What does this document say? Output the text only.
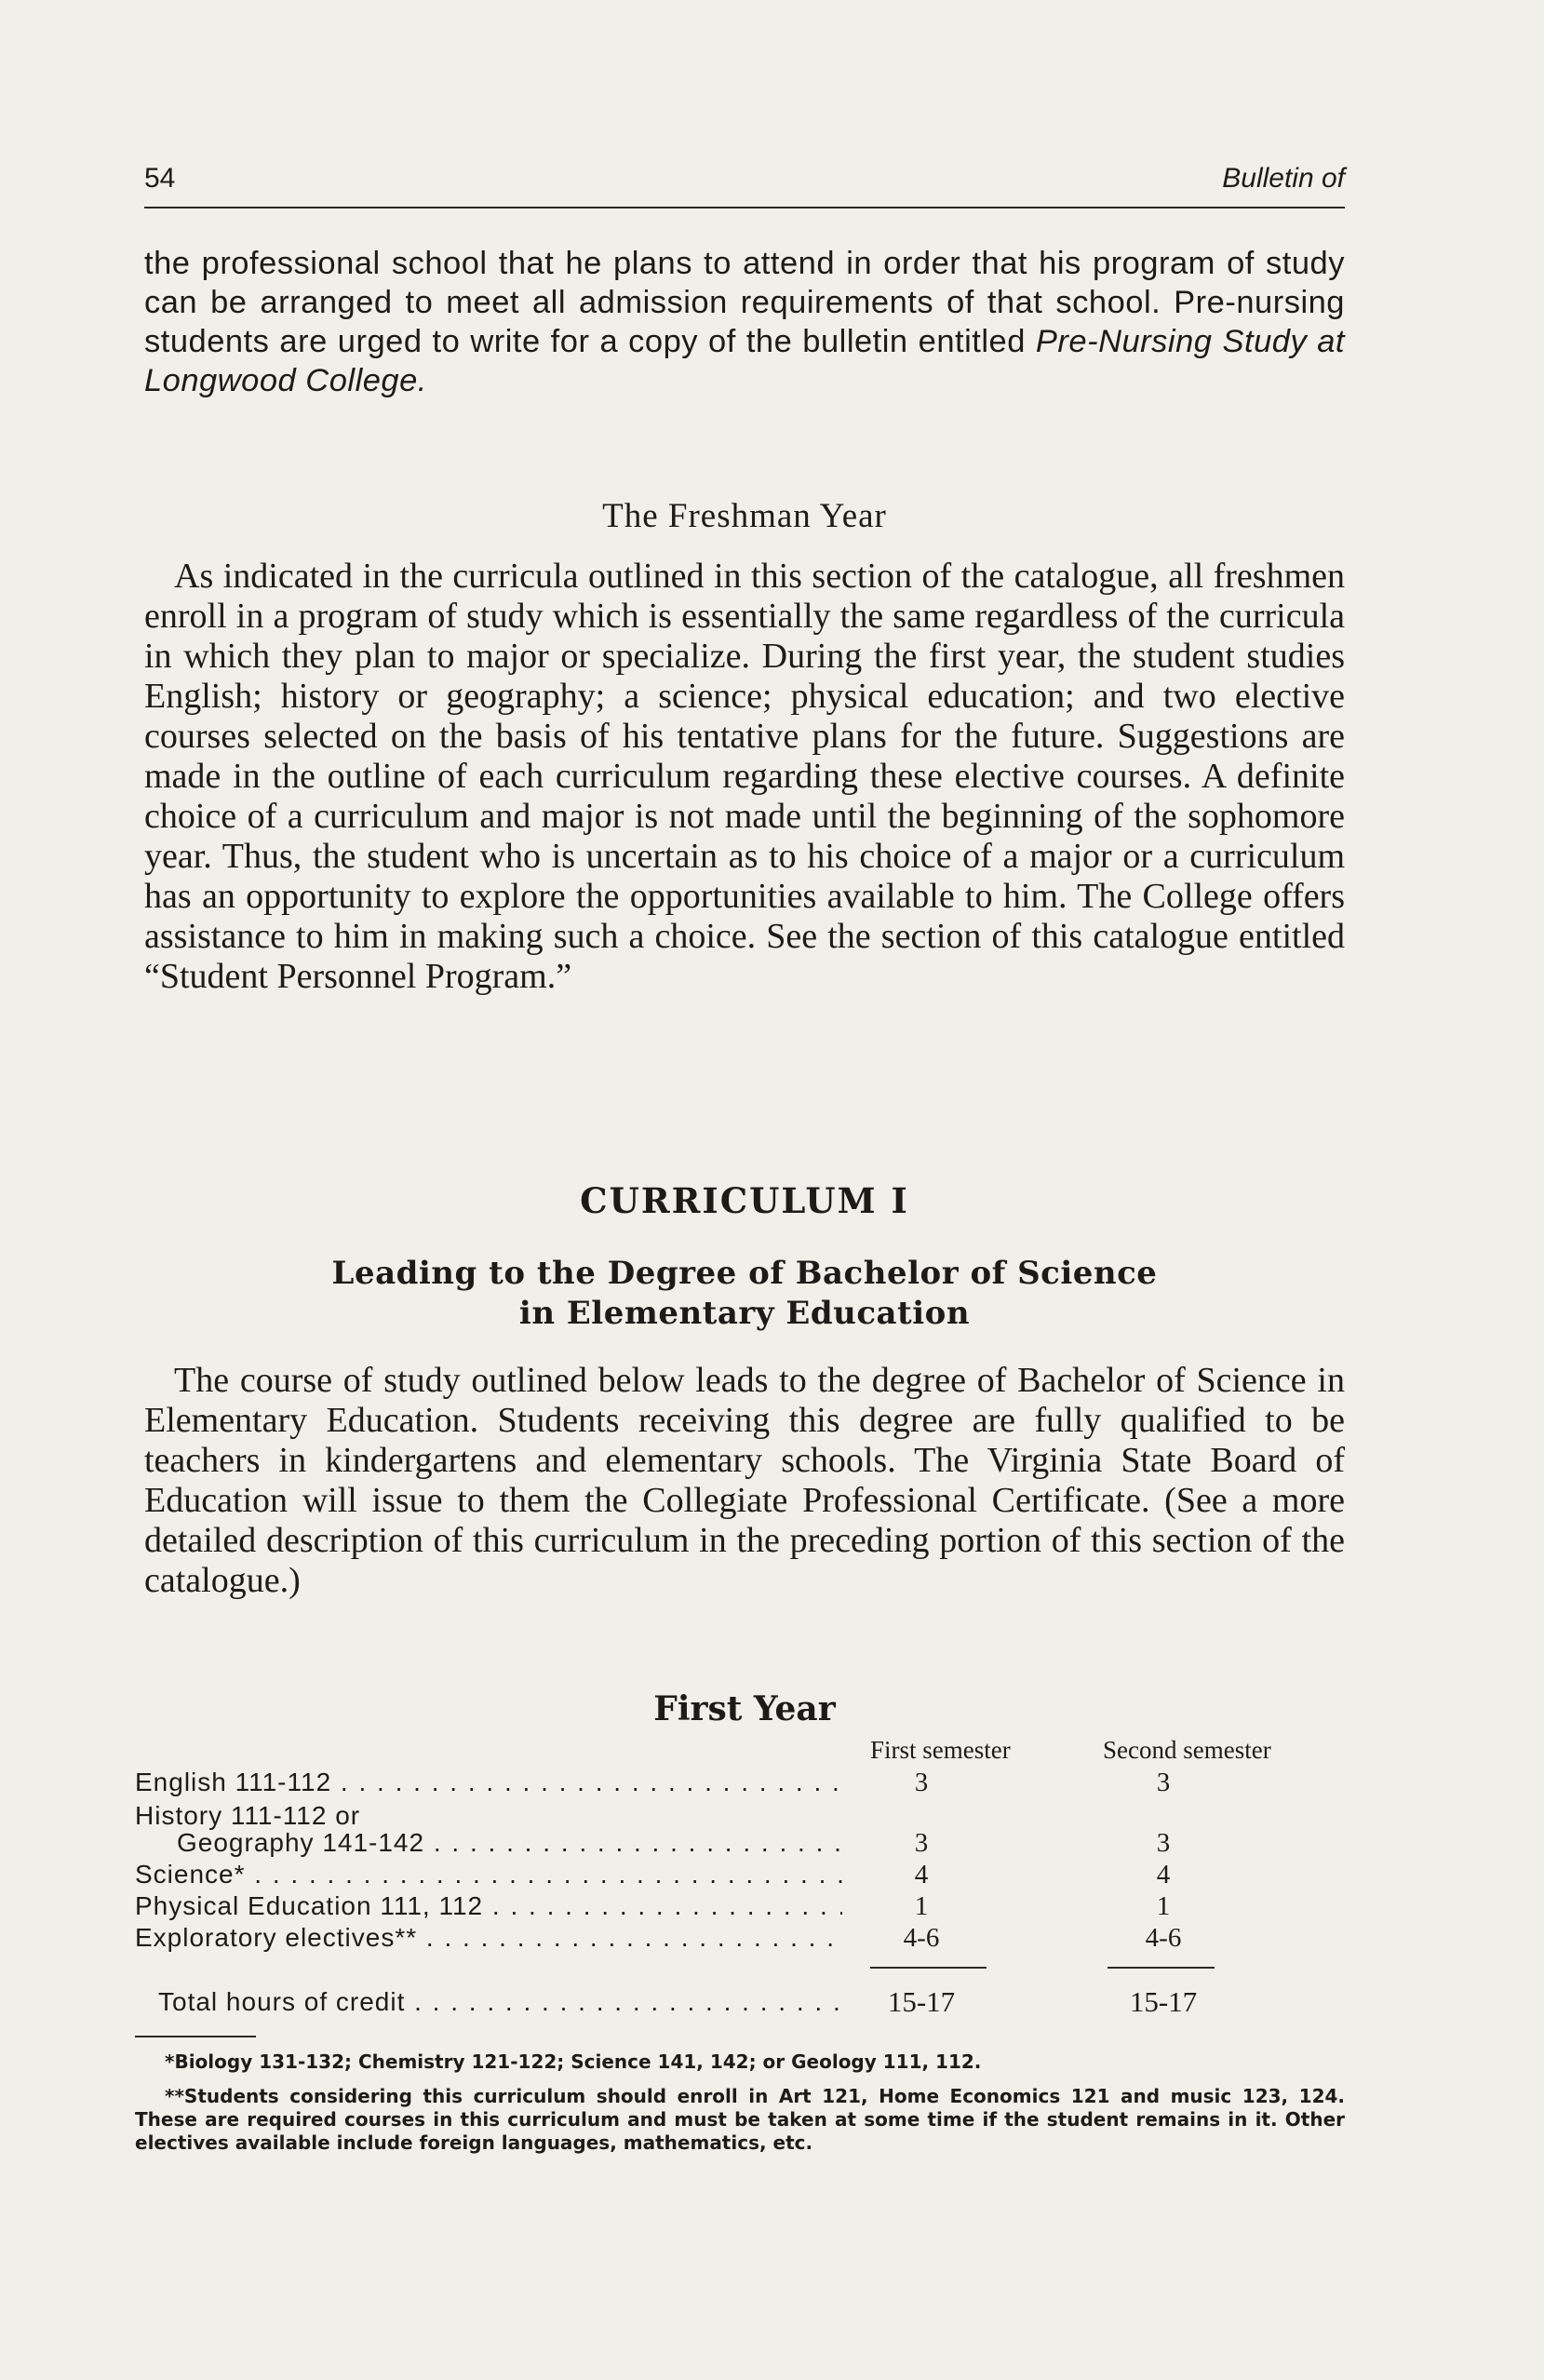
54	Bulletin of

the professional school that he plans to attend in order that his program of study can be arranged to meet all admission requirements of that school. Pre-nursing students are urged to write for a copy of the bulletin entitled Pre-Nursing Study at Longwood College.

The Freshman Year

As indicated in the curricula outlined in this section of the catalogue, all freshmen enroll in a program of study which is essentially the same regardless of the curricula in which they plan to major or specialize. During the first year, the student studies English; history or geography; a science; physical education; and two elective courses selected on the basis of his tentative plans for the future. Suggestions are made in the outline of each curriculum regarding these elective courses. A definite choice of a curriculum and major is not made until the beginning of the sophomore year. Thus, the student who is uncertain as to his choice of a major or a curriculum has an opportunity to explore the opportunities available to him. The College offers assistance to him in making such a choice. See the section of this catalogue entitled “Student Personnel Program.”

CURRICULUM I
Leading to the Degree of Bachelor of Science
in Elementary Education

The course of study outlined below leads to the degree of Bachelor of Science in Elementary Education. Students receiving this degree are fully qualified to be teachers in kindergartens and elementary schools. The Virginia State Board of Education will issue to them the Collegiate Professional Certificate. (See a more detailed description of this curriculum in the preceding portion of this section of the catalogue.)

First Year
First semester	Second semester
English 111-112 . . .	3	3
History 111-112 or
Geography 141-142 . . .	3	3
Science* . . .	4	4
Physical Education 111, 112 . . .	1	1
Exploratory electives** . . .	4-6	4-6
Total hours of credit . . .	15-17	15-17

*Biology 131-132; Chemistry 121-122; Science 141, 142; or Geology 111, 112.

**Students considering this curriculum should enroll in Art 121, Home Economics 121 and music 123, 124. These are required courses in this curriculum and must be taken at some time if the student remains in it. Other electives available include foreign languages, mathematics, etc.
